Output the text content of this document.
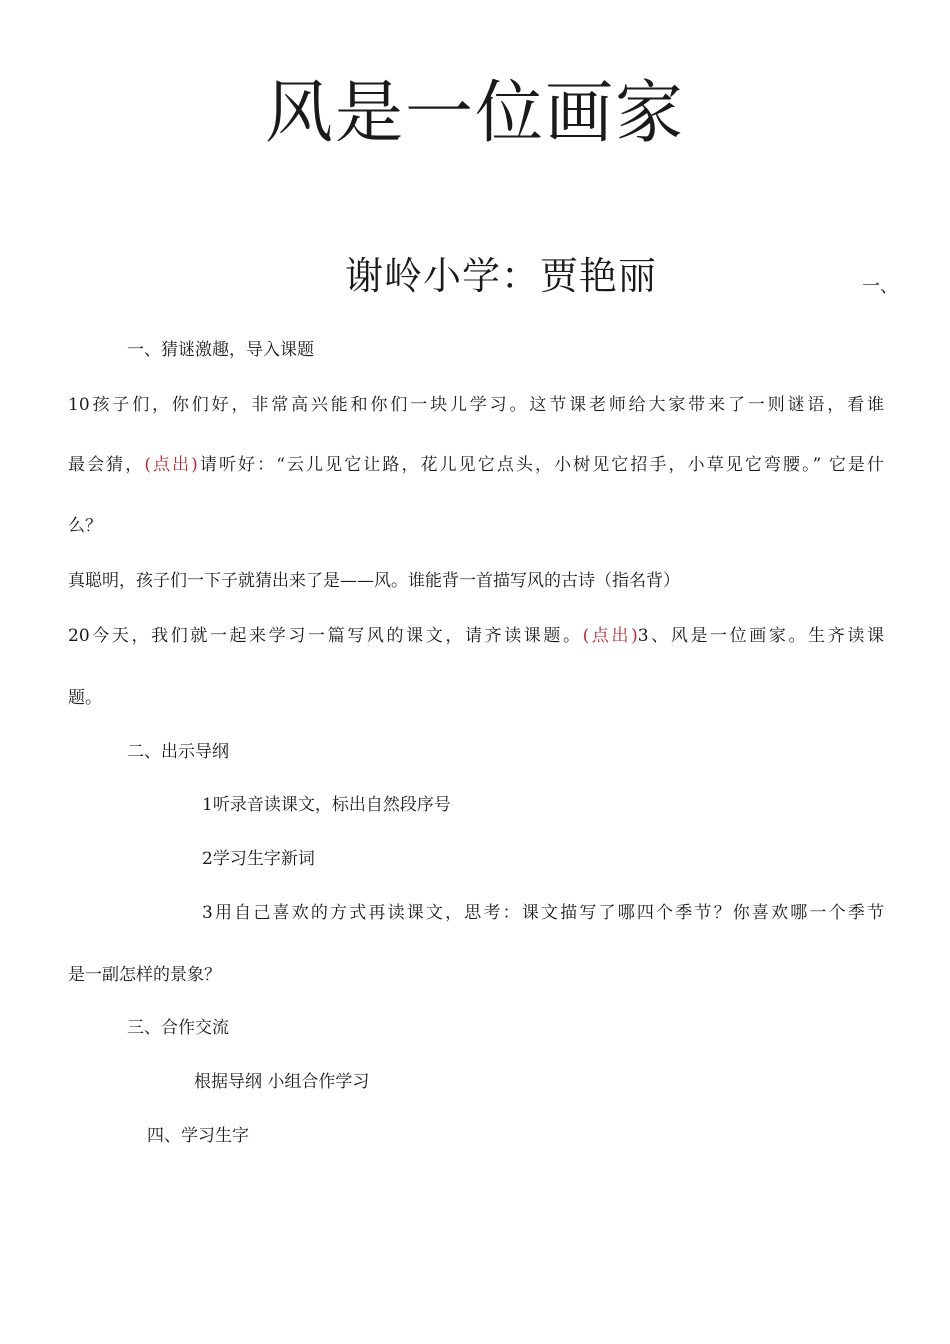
风是一位画家
谢岭小学：贾艳丽	一、
一、猜谜激趣，导入课题
10孩子们，你们好，非常高兴能和你们一块儿学习。这节课老师给大家带来了一则谜语，看谁
最会猜，(点出)请听好：“云儿见它让路，花儿见它点头，小树见它招手，小草见它弯腰。” 它是什
么？
真聪明，孩子们一下子就猜出来了是——风。谁能背一首描写风的古诗（指名背）
20今天，我们就一起来学习一篇写风的课文，请齐读课题。(点出)3、风是一位画家。生齐读课
题。
二、出示导纲
1听录音读课文，标出自然段序号
2学习生字新词
3用自己喜欢的方式再读课文，思考：课文描写了哪四个季节？你喜欢哪一个季节
是一副怎样的景象？
三、合作交流
根据导纲 小组合作学习
四、学习生字
